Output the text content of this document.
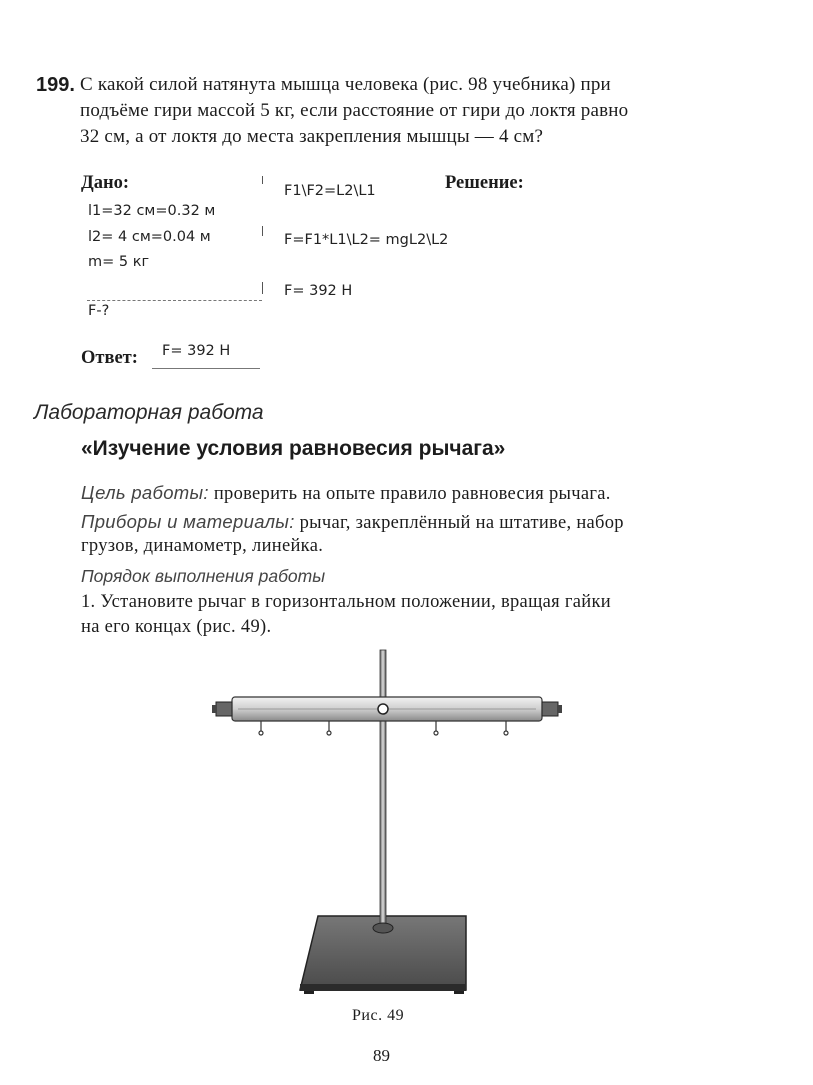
199. С какой силой натянута мышца человека (рис. 98 учебника) при
подъёме гири массой 5 кг, если расстояние от гири до локтя равно
32 см, а от локтя до места закрепления мышцы — 4 см?
Дано:
l1=32 см=0.32 м
l2= 4 см=0.04 м
m= 5 кг
F-?
Решение:
F1\F2=L2\L1
F=F1*L1\L2= mgL2\L2
F= 392 Н
Ответ: F= 392 Н
Лабораторная работа
«Изучение условия равновесия рычага»
Цель работы: проверить на опыте правило равновесия рычага.
Приборы и материалы: рычаг, закреплённый на штативе, набор
грузов, динамометр, линейка.
Порядок выполнения работы
1. Установите рычаг в горизонтальном положении, вращая гайки
на его концах (рис. 49).
Рис. 49
89
